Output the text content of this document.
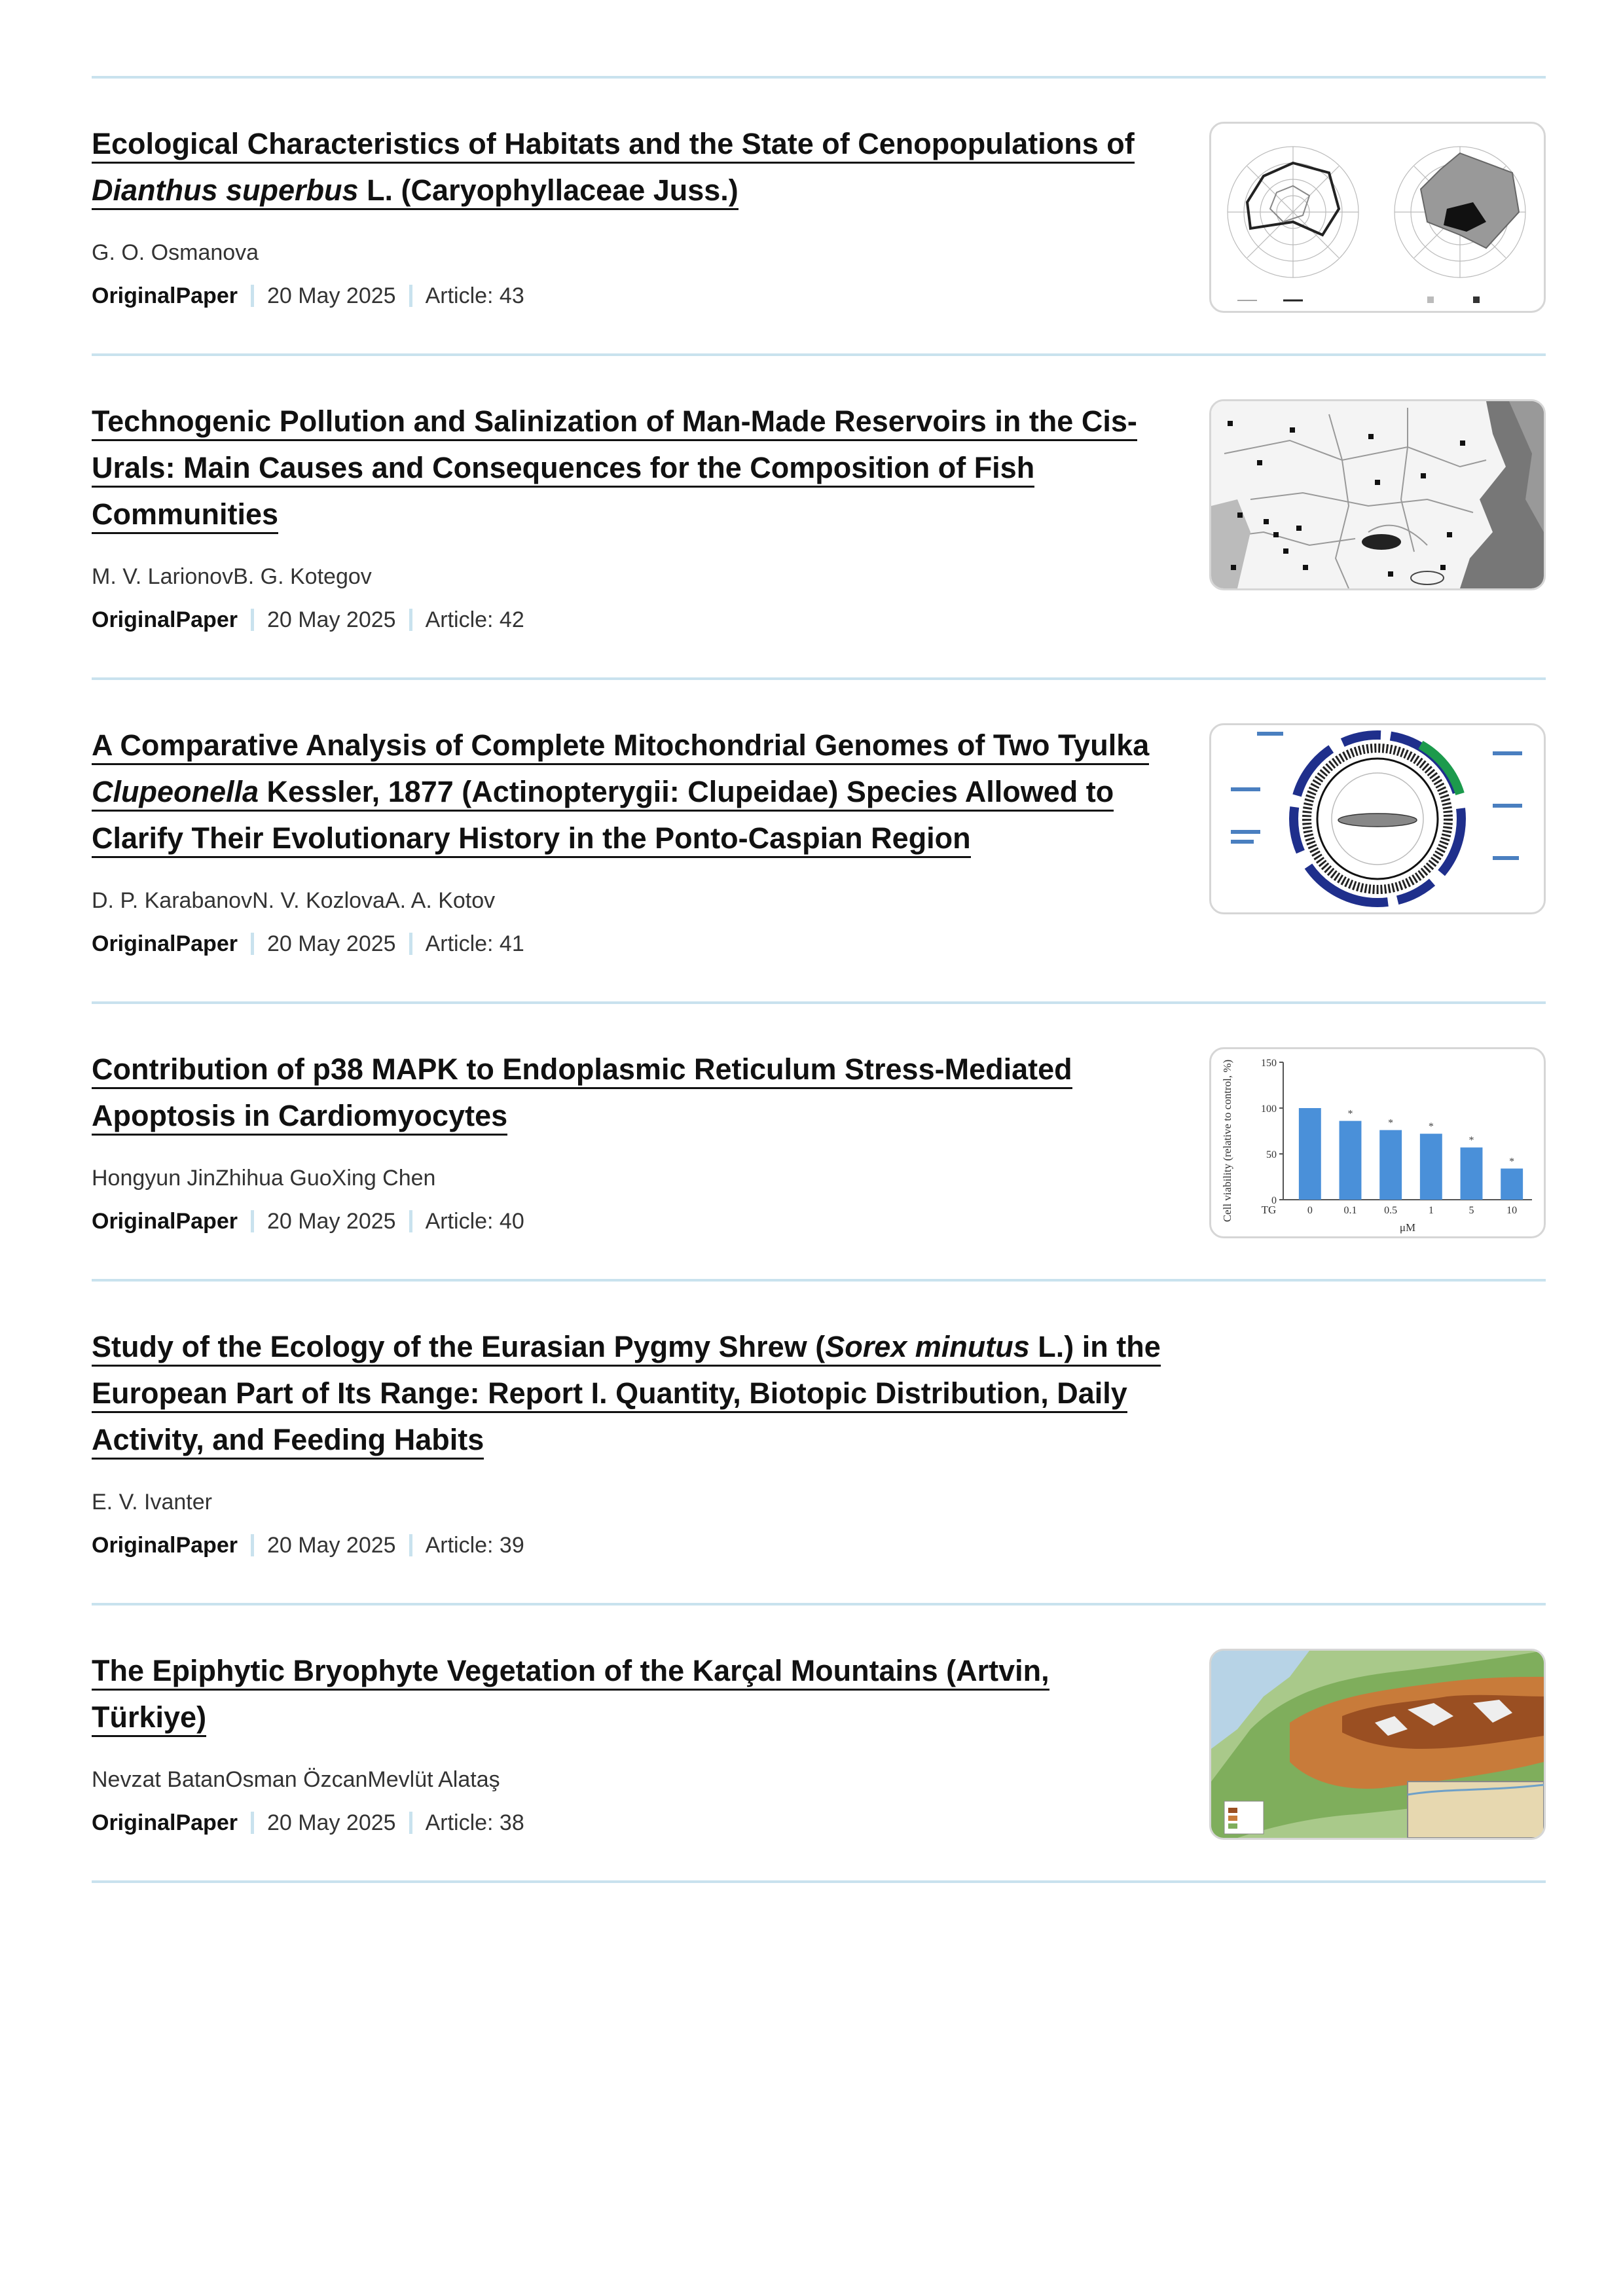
Ecological Characteristics of Habitats and the State of Cenopopulations of Dianthus superbus L. (Caryophyllaceae Juss.)
G. O. Osmanova
OriginalPaper 20 May 2025 Article: 43
Technogenic Pollution and Salinization of Man-Made Reservoirs in the Cis-Urals: Main Causes and Consequences for the Composition of Fish Communities
M. V. LarionovB. G. Kotegov
OriginalPaper 20 May 2025 Article: 42
A Comparative Analysis of Complete Mitochondrial Genomes of Two Tyulka Clupeonella Kessler, 1877 (Actinopterygii: Clupeidae) Species Allowed to Clarify Their Evolutionary History in the Ponto-Caspian Region
D. P. KarabanovN. V. KozlovaA. A. Kotov
OriginalPaper 20 May 2025 Article: 41
Contribution of p38 MAPK to Endoplasmic Reticulum Stress-Mediated Apoptosis in Cardiomyocytes
Hongyun JinZhihua GuoXing Chen
OriginalPaper 20 May 2025 Article: 40	Cell viability (relative to control, %)
μM
TG
0
50
100
150
0	0.1
*
0.5
*
1
*
5
*
10
*
Study of the Ecology of the Eurasian Pygmy Shrew (Sorex minutus L.) in the European Part of Its Range: Report I. Quantity, Biotopic Distribution, Daily Activity, and Feeding Habits
E. V. Ivanter
OriginalPaper 20 May 2025 Article: 39
The Epiphytic Bryophyte Vegetation of the Karçal Mountains (Artvin, Türkiye)
Nevzat BatanOsman ÖzcanMevlüt Alataş
OriginalPaper 20 May 2025 Article: 38
